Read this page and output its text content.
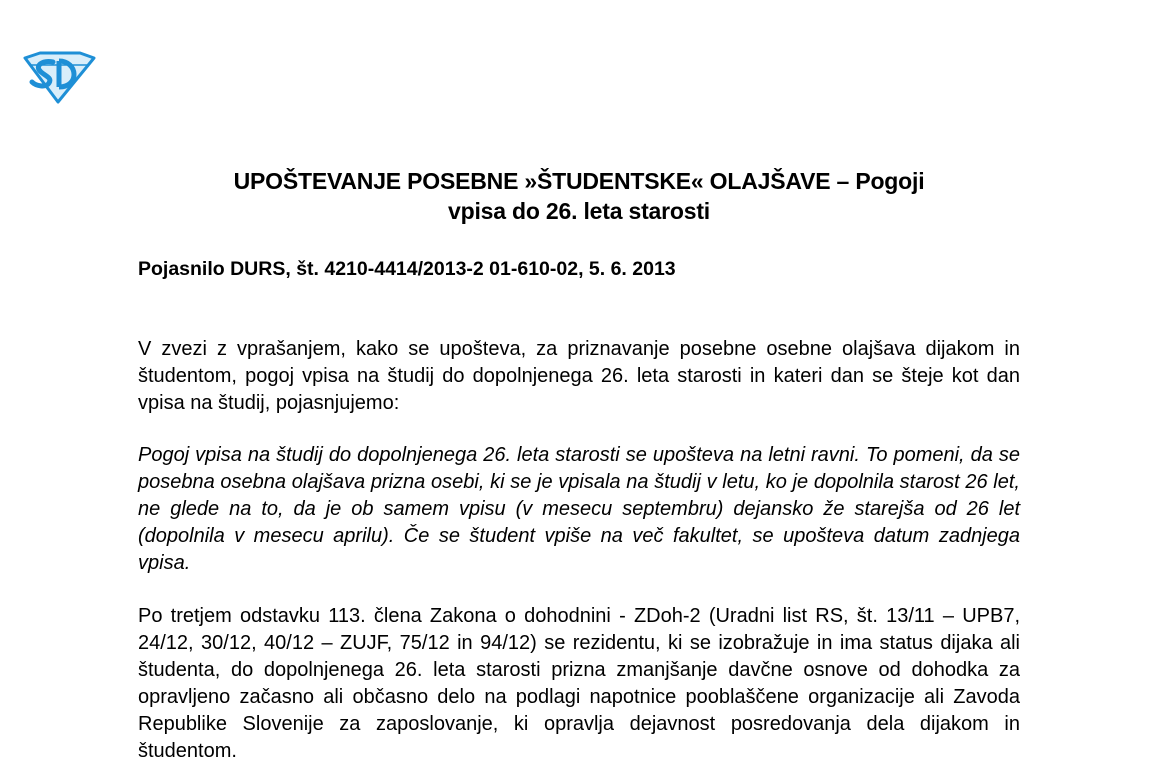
UPOŠTEVANJE POSEBNE »ŠTUDENTSKE« OLAJŠAVE – Pogoji
vpisa do 26. leta starosti
Pojasnilo DURS, št. 4210-4414/2013-2 01-610-02, 5. 6. 2013

V zvezi z vprašanjem, kako se upošteva, za priznavanje posebne osebne olajšava dijakom in študentom, pogoj vpisa na študij do dopolnjenega 26. leta starosti in kateri dan se šteje kot dan vpisa na študij, pojasnjujemo:

Pogoj vpisa na študij do dopolnjenega 26. leta starosti se upošteva na letni ravni. To pomeni, da se posebna osebna olajšava prizna osebi, ki se je vpisala na študij v letu, ko je dopolnila starost 26 let, ne glede na to, da je ob samem vpisu (v mesecu septembru) dejansko že starejša od 26 let (dopolnila v mesecu aprilu). Če se študent vpiše na več fakultet, se upošteva datum zadnjega vpisa.

Po tretjem odstavku 113. člena Zakona o dohodnini - ZDoh-2 (Uradni list RS, št. 13/11 – UPB7, 24/12, 30/12, 40/12 – ZUJF, 75/12 in 94/12) se rezidentu, ki se izobražuje in ima status dijaka ali študenta, do dopolnjenega 26. leta starosti prizna zmanjšanje davčne osnove od dohodka za opravljeno začasno ali občasno delo na podlagi napotnice pooblaščene organizacije ali Zavoda Republike Slovenije za zaposlovanje, ki opravlja dejavnost posredovanja dela dijakom in študentom.
